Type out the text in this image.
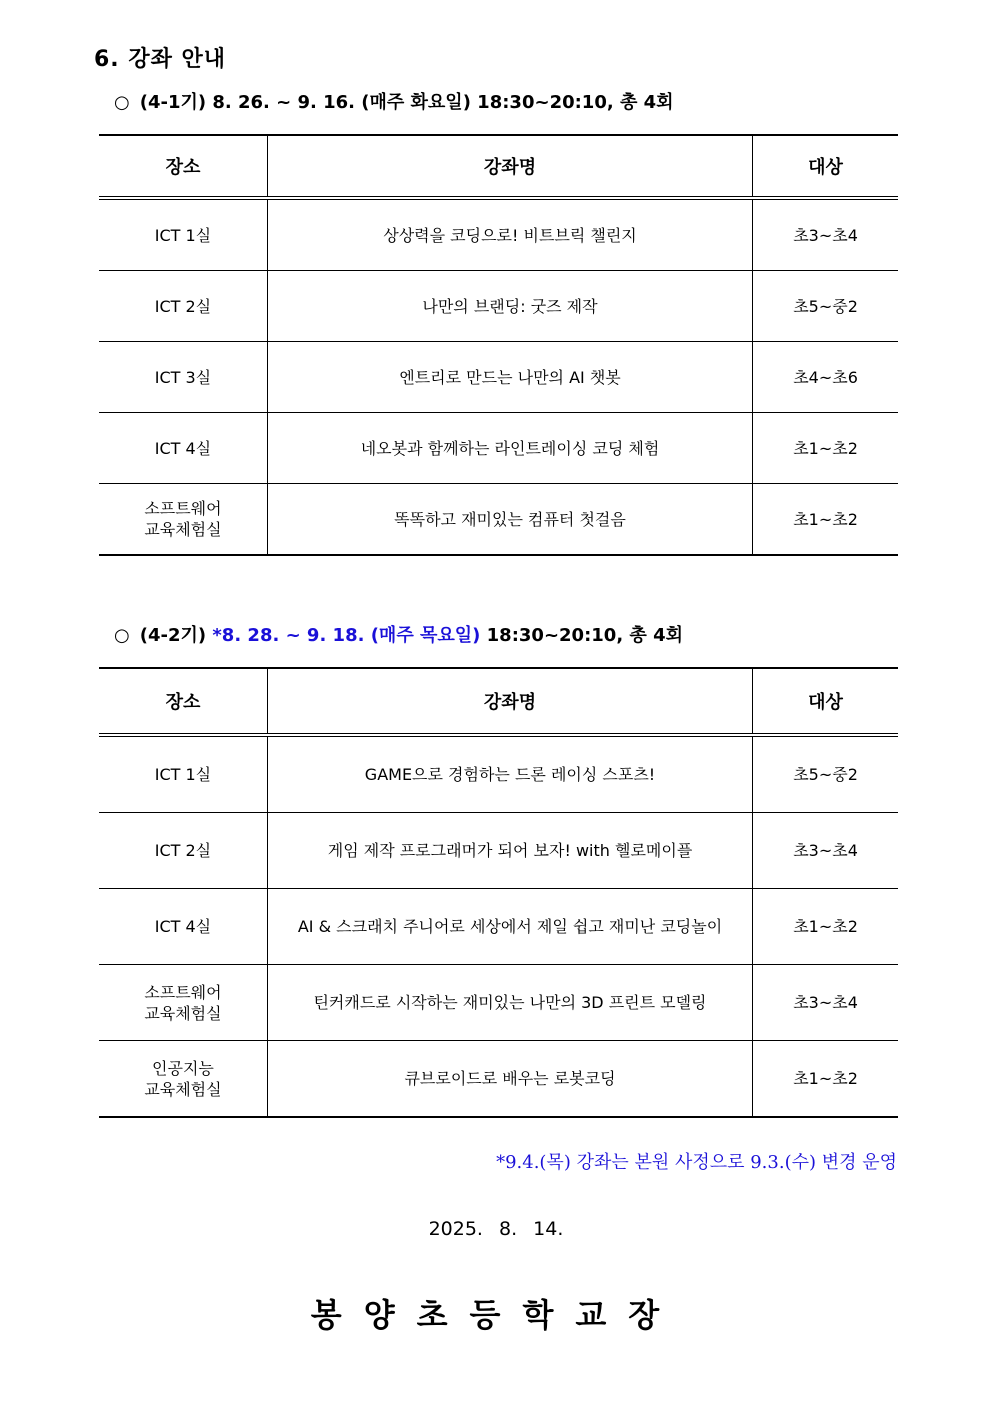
6. 강좌 안내
○ (4-1기) 8. 26. ~ 9. 16. (매주 화요일) 18:30~20:10, 총 4회
장소	강좌명	대상
ICT 1실	상상력을 코딩으로! 비트브릭 챌린지	초3~초4
ICT 2실	나만의 브랜딩: 굿즈 제작	초5~중2
ICT 3실	엔트리로 만드는 나만의 AI 챗봇	초4~초6
ICT 4실	네오봇과 함께하는 라인트레이싱 코딩 체험	초1~초2
소프트웨어
교육체험실	똑똑하고 재미있는 컴퓨터 첫걸음	초1~초2
○ (4-2기) *8. 28. ~ 9. 18. (매주 목요일) 18:30~20:10, 총 4회
장소	강좌명	대상
ICT 1실	GAME으로 경험하는 드론 레이싱 스포츠!	초5~중2
ICT 2실	게임 제작 프로그래머가 되어 보자! with 헬로메이플	초3~초4
ICT 4실	AI & 스크래치 주니어로 세상에서 제일 쉽고 재미난 코딩놀이	초1~초2
소프트웨어
교육체험실	틴커캐드로 시작하는 재미있는 나만의 3D 프린트 모델링	초3~초4
인공지능
교육체험실	큐브로이드로 배우는 로봇코딩	초1~초2
*9.4.(목) 강좌는 본원 사정으로 9.3.(수) 변경 운영
2025. 8. 14.
봉양초등학교장
